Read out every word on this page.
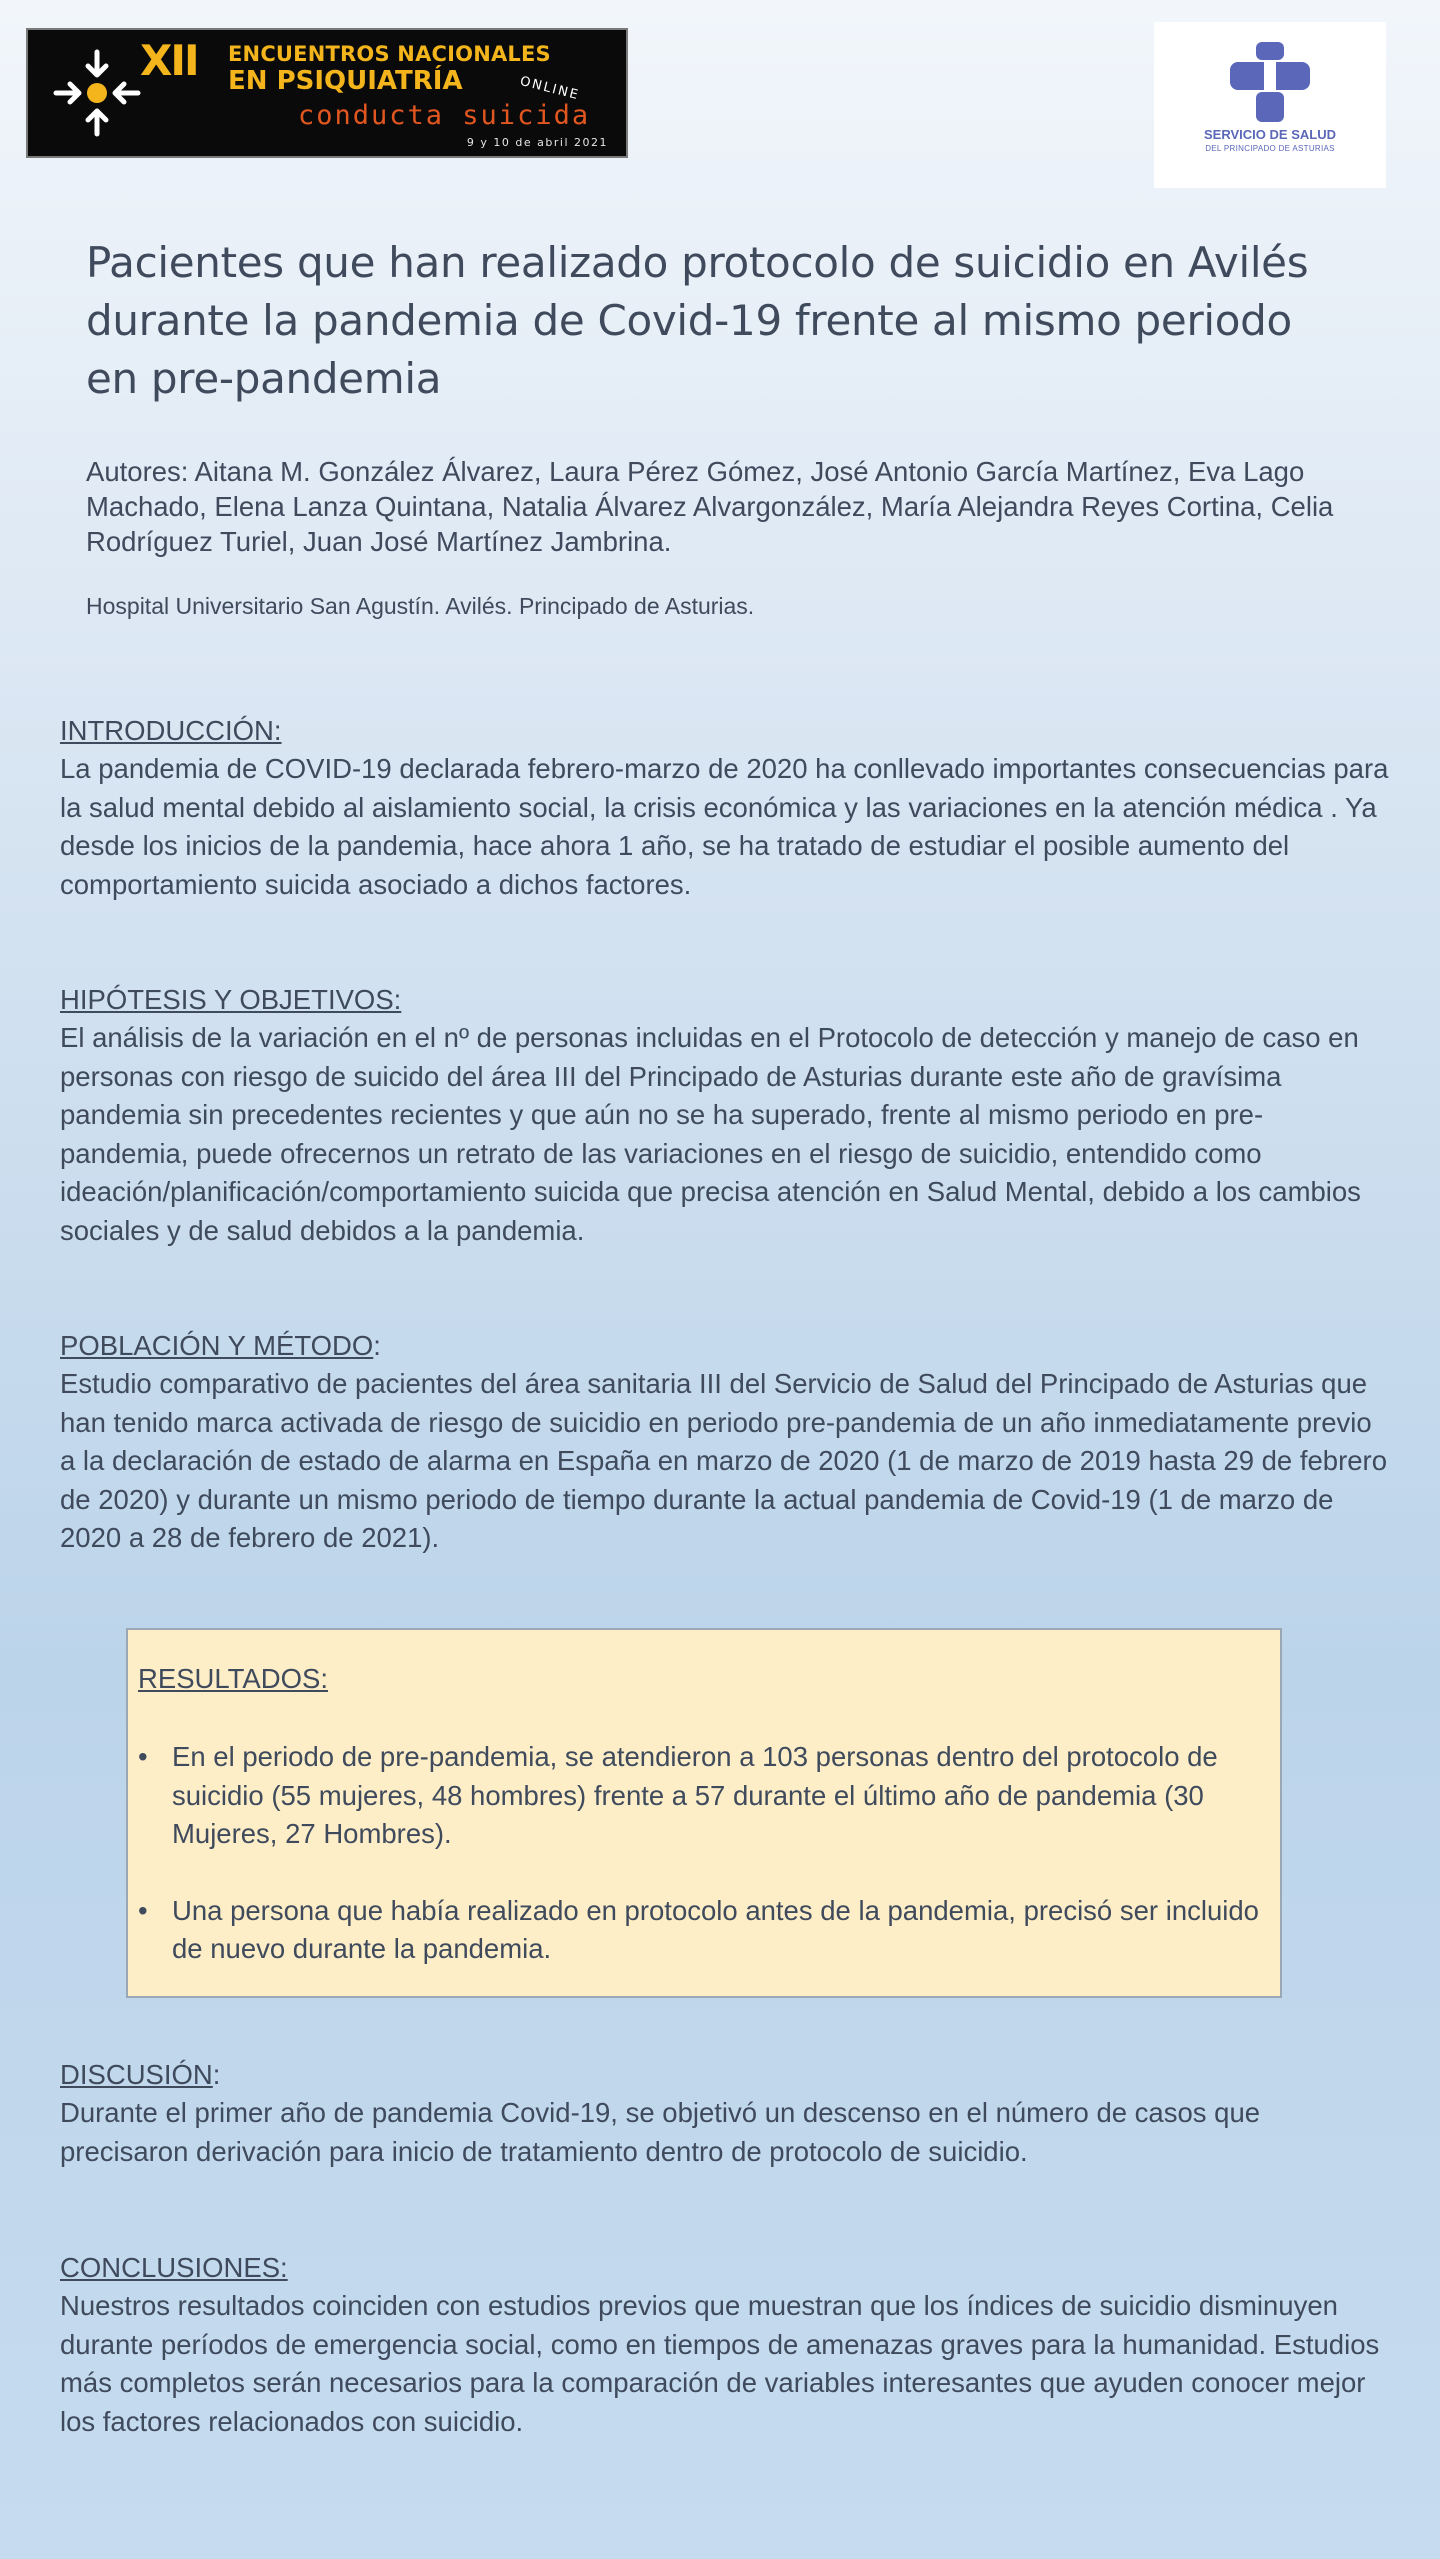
XII ENCUENTROS NACIONALES
EN PSIQUIATRÍA	ONLINE
conducta suicida
9 y 10 de abril 2021
SERVICIO DE SALUD
DEL PRINCIPADO DE ASTURIAS
Pacientes que han realizado protocolo de suicidio en Avilés durante la pandemia de Covid-19 frente al mismo periodo en pre-pandemia

Autores: Aitana M. González Álvarez, Laura Pérez Gómez, José Antonio García Martínez, Eva Lago Machado, Elena Lanza Quintana, Natalia Álvarez Alvargonzález, María Alejandra Reyes Cortina, Celia Rodríguez Turiel, Juan José Martínez Jambrina.

Hospital Universitario San Agustín. Avilés. Principado de Asturias.

INTRODUCCIÓN:

La pandemia de COVID-19 declarada febrero-marzo de 2020 ha conllevado importantes consecuencias para la salud mental debido al aislamiento social, la crisis económica y las variaciones en la atención médica . Ya desde los inicios de la pandemia, hace ahora 1 año, se ha tratado de estudiar el posible aumento del comportamiento suicida asociado a dichos factores.

HIPÓTESIS Y OBJETIVOS:

El análisis de la variación en el nº de personas incluidas en el Protocolo de detección y manejo de caso en personas con riesgo de suicido del área III del Principado de Asturias durante este año de gravísima pandemia sin precedentes recientes y que aún no se ha superado, frente al mismo periodo en pre-pandemia, puede ofrecernos un retrato de las variaciones en el riesgo de suicidio, entendido como ideación/planificación/comportamiento suicida que precisa atención en Salud Mental, debido a los cambios sociales y de salud debidos a la pandemia.

POBLACIÓN Y MÉTODO:

Estudio comparativo de pacientes del área sanitaria III del Servicio de Salud del Principado de Asturias que han tenido marca activada de riesgo de suicidio en periodo pre-pandemia de un año inmediatamente previo a la declaración de estado de alarma en España en marzo de 2020 (1 de marzo de 2019 hasta 29 de febrero de 2020) y durante un mismo periodo de tiempo durante la actual pandemia de Covid-19 (1 de marzo de 2020 a 28 de febrero de 2021).

RESULTADOS:
• En el periodo de pre-pandemia, se atendieron a 103 personas dentro del protocolo de suicidio (55 mujeres, 48 hombres) frente a 57 durante el último año de pandemia (30 Mujeres, 27 Hombres).
• Una persona que había realizado en protocolo antes de la pandemia, precisó ser incluido de nuevo durante la pandemia.

DISCUSIÓN:

Durante el primer año de pandemia Covid-19, se objetivó un descenso en el número de casos que precisaron derivación para inicio de tratamiento dentro de protocolo de suicidio.

CONCLUSIONES:

Nuestros resultados coinciden con estudios previos que muestran que los índices de suicidio disminuyen durante períodos de emergencia social, como en tiempos de amenazas graves para la humanidad. Estudios más completos serán necesarios para la comparación de variables interesantes que ayuden conocer mejor los factores relacionados con suicidio.
